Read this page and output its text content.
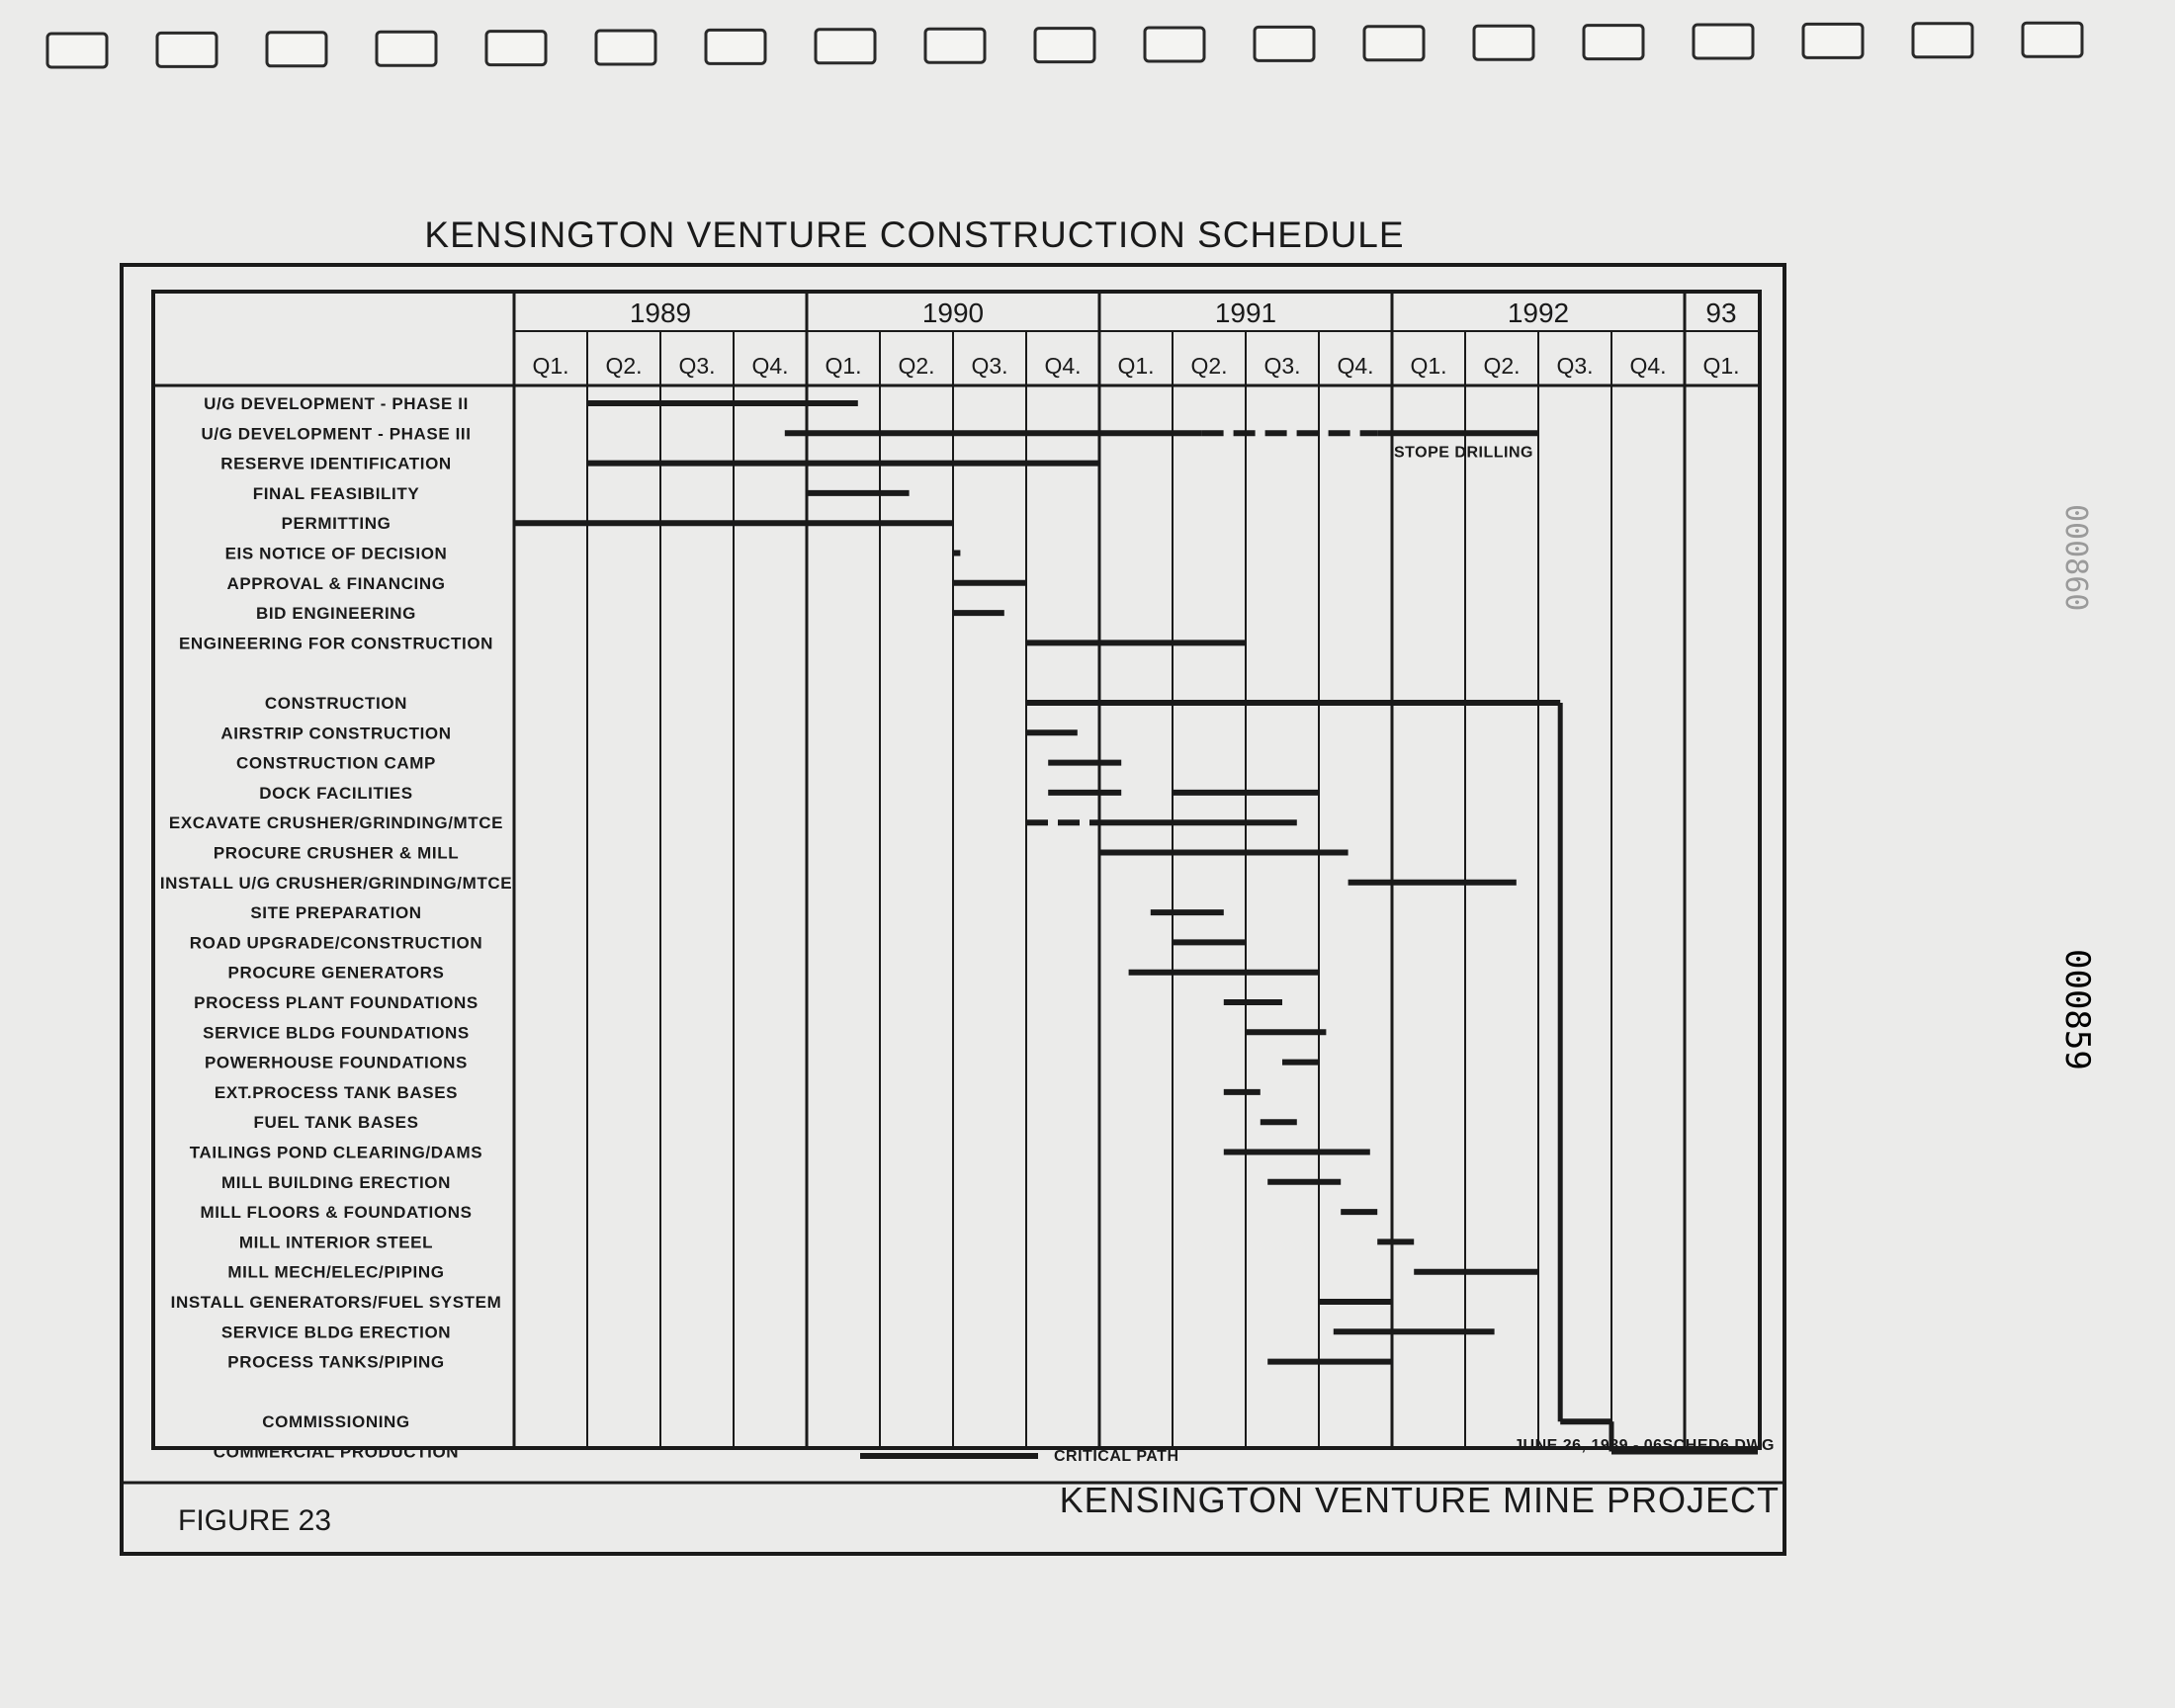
KENSINGTON VENTURE CONSTRUCTION SCHEDULE
1989	1990	1991	1992	93
Q1. Q2. Q3. Q4. Q1. Q2. Q3. Q4. Q1. Q2. Q3. Q4. Q1. Q2. Q3. Q4. Q1.
U/G DEVELOPMENT - PHASE II
U/G DEVELOPMENT - PHASE III
RESERVE IDENTIFICATION
FINAL FEASIBILITY
PERMITTING
EIS NOTICE OF DECISION
APPROVAL & FINANCING
BID ENGINEERING
ENGINEERING FOR CONSTRUCTION
CONSTRUCTION
AIRSTRIP CONSTRUCTION
CONSTRUCTION CAMP
DOCK FACILITIES
EXCAVATE CRUSHER/GRINDING/MTCE
PROCURE CRUSHER & MILL
INSTALL U/G CRUSHER/GRINDING/MTCE
SITE PREPARATION
ROAD UPGRADE/CONSTRUCTION
PROCURE GENERATORS
PROCESS PLANT FOUNDATIONS
SERVICE BLDG FOUNDATIONS
POWERHOUSE FOUNDATIONS
EXT.PROCESS TANK BASES
FUEL TANK BASES
TAILINGS POND CLEARING/DAMS
MILL BUILDING ERECTION
MILL FLOORS & FOUNDATIONS
MILL INTERIOR STEEL
MILL MECH/ELEC/PIPING
INSTALL GENERATORS/FUEL SYSTEM
SERVICE BLDG ERECTION
PROCESS TANKS/PIPING
COMMISSIONING
COMMERCIAL PRODUCTION
STOPE DRILLING
CRITICAL PATH
JUNE 26, 1989 - 06SCHED6.DWG
FIGURE 23
KENSINGTON VENTURE MINE PROJECT
000860
000859
